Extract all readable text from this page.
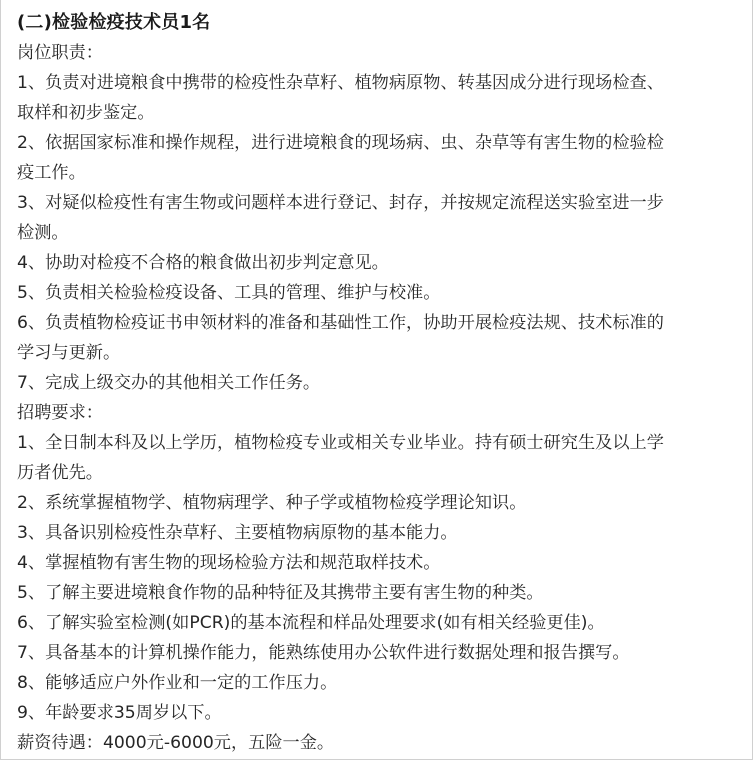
(二)检验检疫技术员1名
岗位职责：
1、负责对进境粮食中携带的检疫性杂草籽、植物病原物、转基因成分进行现场检查、
取样和初步鉴定。
2、依据国家标准和操作规程，进行进境粮食的现场病、虫、杂草等有害生物的检验检
疫工作。
3、对疑似检疫性有害生物或问题样本进行登记、封存，并按规定流程送实验室进一步
检测。
4、协助对检疫不合格的粮食做出初步判定意见。
5、负责相关检验检疫设备、工具的管理、维护与校准。
6、负责植物检疫证书申领材料的准备和基础性工作，协助开展检疫法规、技术标准的
学习与更新。
7、完成上级交办的其他相关工作任务。
招聘要求：
1、全日制本科及以上学历，植物检疫专业或相关专业毕业。持有硕士研究生及以上学
历者优先。
2、系统掌握植物学、植物病理学、种子学或植物检疫学理论知识。
3、具备识别检疫性杂草籽、主要植物病原物的基本能力。
4、掌握植物有害生物的现场检验方法和规范取样技术。
5、了解主要进境粮食作物的品种特征及其携带主要有害生物的种类。
6、了解实验室检测(如PCR)的基本流程和样品处理要求(如有相关经验更佳)。
7、具备基本的计算机操作能力，能熟练使用办公软件进行数据处理和报告撰写。
8、能够适应户外作业和一定的工作压力。
9、年龄要求35周岁以下。
薪资待遇：4000元-6000元，五险一金。
